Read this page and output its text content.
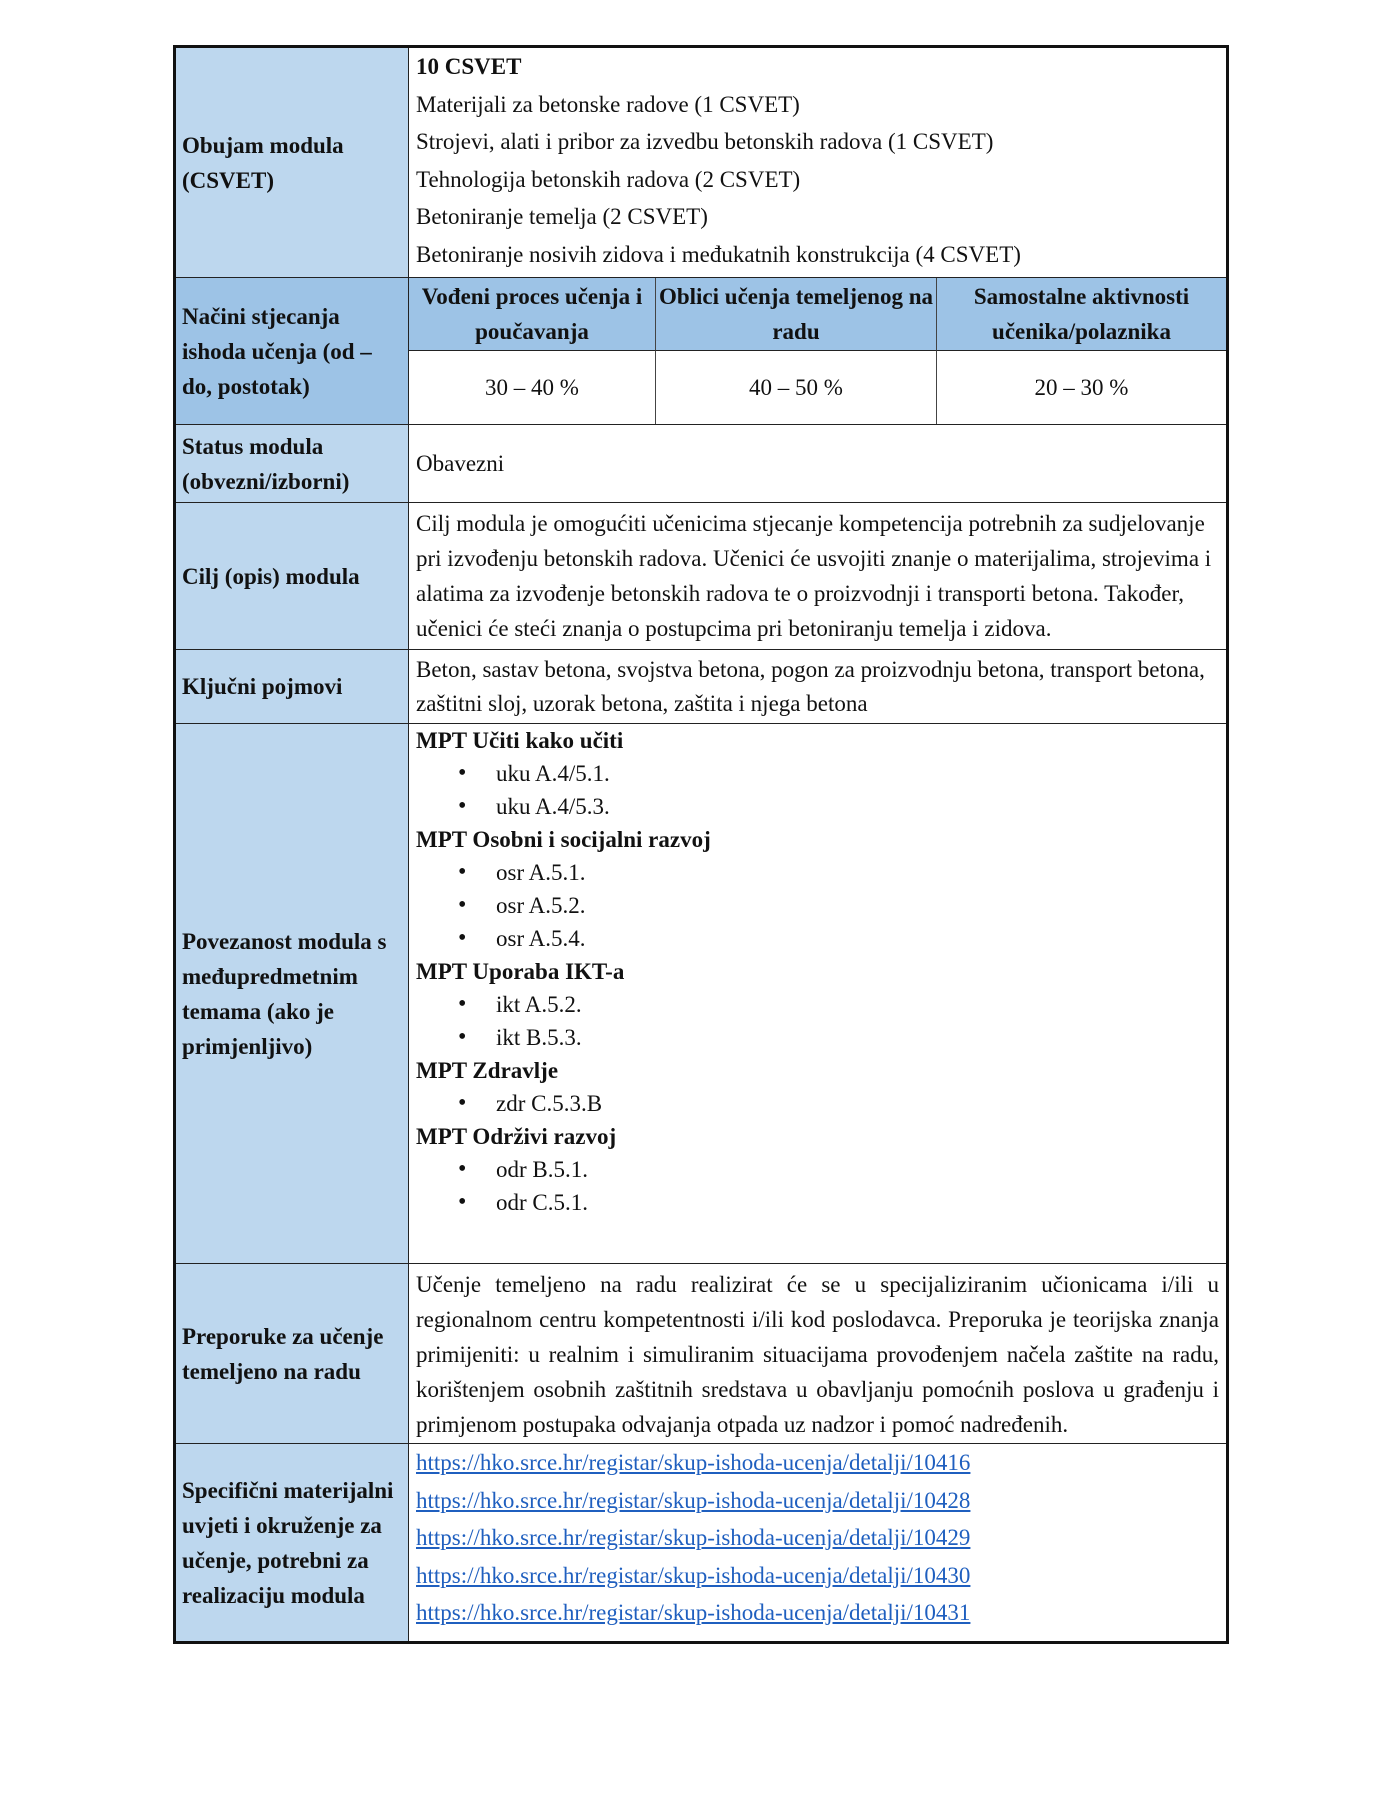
Obujam modula (CSVET)

10 CSVET

Materijali za betonske radove (1 CSVET)

Strojevi, alati i pribor za izvedbu betonskih radova (1 CSVET)

Tehnologija betonskih radova (2 CSVET)

Betoniranje temelja (2 CSVET)

Betoniranje nosivih zidova i međukatnih konstrukcija (4 CSVET)

Načini stjecanja ishoda učenja (od – do, postotak)
Vođeni proces učenja i poučavanja
Oblici učenja temeljenog na radu
Samostalne aktivnosti učenika/polaznika
30 – 40 %	40 – 50 %	20 – 30 %
Status modula (obvezni/izborni)
Obavezni
Cilj (opis) modula
Cilj modula je omogućiti učenicima stjecanje kompetencija potrebnih za sudjelovanje pri izvođenju betonskih radova. Učenici će usvojiti znanje o materijalima, strojevima i alatima za izvođenje betonskih radova te o proizvodnji i transporti betona. Također, učenici će steći znanja o postupcima pri betoniranju temelja i zidova.
Ključni pojmovi
Beton, sastav betona, svojstva betona, pogon za proizvodnju betona, transport betona, zaštitni sloj, uzorak betona, zaštita i njega betona
Povezanost modula s međupredmetnim temama (ako je primjenljivo)
MPT Učiti kako učiti
• uku A.4/5.1.
• uku A.4/5.3.
MPT Osobni i socijalni razvoj
• osr A.5.1.
• osr A.5.2.
• osr A.5.4.
MPT Uporaba IKT-a
• ikt A.5.2.
• ikt B.5.3.
MPT Zdravlje
• zdr C.5.3.B
MPT Održivi razvoj
• odr B.5.1.
• odr C.5.1.
Preporuke za učenje temeljeno na radu
Učenje temeljeno na radu realizirat će se u specijaliziranim učionicama i/ili u regionalnom centru kompetentnosti i/ili kod poslodavca. Preporuka je teorijska znanja primijeniti: u realnim i simuliranim situacijama provođenjem načela zaštite na radu, korištenjem osobnih zaštitnih sredstava u obavljanju pomoćnih poslova u građenju i primjenom postupaka odvajanja otpada uz nadzor i pomoć nadređenih.
Specifični materijalni uvjeti i okruženje za učenje, potrebni za realizaciju modula
https://hko.srce.hr/registar/skup-ishoda-ucenja/detalji/10416
https://hko.srce.hr/registar/skup-ishoda-ucenja/detalji/10428
https://hko.srce.hr/registar/skup-ishoda-ucenja/detalji/10429
https://hko.srce.hr/registar/skup-ishoda-ucenja/detalji/10430
https://hko.srce.hr/registar/skup-ishoda-ucenja/detalji/10431
